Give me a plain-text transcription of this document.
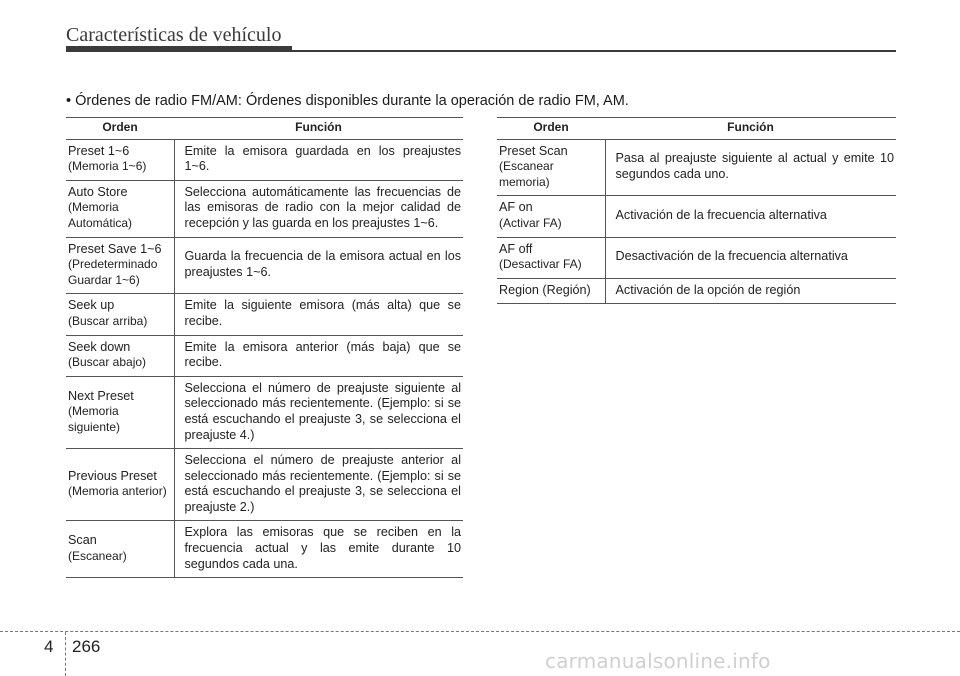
Características de vehículo
• Órdenes de radio FM/AM: Órdenes disponibles durante la operación de radio FM, AM.
Orden	Función

Preset 1~6
(Memoria 1~6)	Emite la emisora guardada en los preajustes 1~6.

Auto Store
(Memoria Automática)	Selecciona automáticamente las frecuencias de las emisoras de radio con la mejor calidad de recepción y las guarda en los preajustes 1~6.

Preset Save 1~6
(Predeterminado Guardar 1~6)	Guarda la frecuencia de la emisora actual en los preajustes 1~6.

Seek up
(Buscar arriba)	Emite la siguiente emisora (más alta) que se recibe.

Seek down
(Buscar abajo)	Emite la emisora anterior (más baja) que se recibe.

Next Preset
(Memoria siguiente)	Selecciona el número de preajuste siguiente al seleccionado más recientemente. (Ejemplo: si se está escuchando el preajuste 3, se selecciona el preajuste 4.)

Previous Preset
(Memoria anterior)	Selecciona el número de preajuste anterior al seleccionado más recientemente. (Ejemplo: si se está escuchando el preajuste 3, se selecciona el preajuste 2.)

Scan
(Escanear)	Explora las emisoras que se reciben en la frecuencia actual y las emite durante 10 segundos cada una.
Orden	Función

Preset Scan
(Escanear memoria)	Pasa al preajuste siguiente al actual y emite 10 segundos cada uno.

AF on
(Activar FA)	Activación de la frecuencia alternativa

AF off
(Desactivar FA)	Desactivación de la frecuencia alternativa

Region (Región)	Activación de la opción de región
4 266
carmanualsonline.info
